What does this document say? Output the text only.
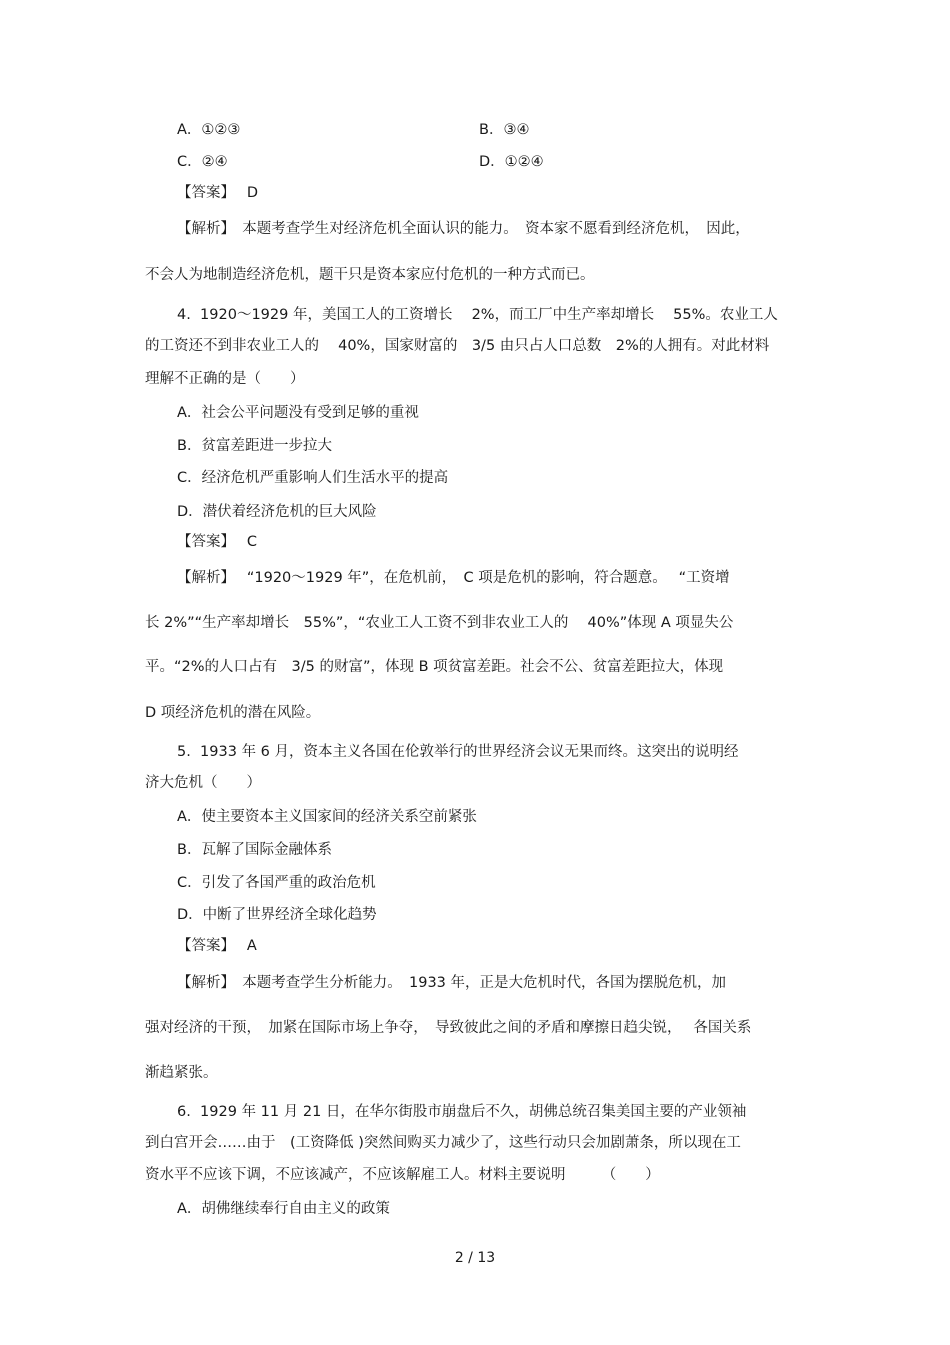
A．①②③	B．③④
C．②④	D．①②④
【答案】　 D
【解析】　本题考查学生对经济危机全面认识的能力。　资本家不愿看到经济危机，　因此，
不会人为地制造经济危机，题干只是资本家应付危机的一种方式而已。
4.  1920～1929 年，美国工人的工资增长　 2%，而工厂中生产率却增长　 55%。农业工人
的工资还不到非农业工人的　 40%，国家财富的　3/5 由只占人口总数　2%的人拥有。对此材料
理解不正确的是（　　）
A．社会公平问题没有受到足够的重视
B．贫富差距进一步拉大
C．经济危机严重影响人们生活水平的提高
D．潜伏着经济危机的巨大风险
【答案】　 C
【解析】　 “1920～1929 年”，在危机前，　C 项是危机的影响，符合题意。　 “工资增
长 2%”“生产率却增长　55%”，“农业工人工资不到非农业工人的　 40%”体现 A 项显失公
平。“2%的人口占有　3/5 的财富”，体现 B 项贫富差距。社会不公、贫富差距拉大，体现
D 项经济危机的潜在风险。
5.  1933 年 6 月，资本主义各国在伦敦举行的世界经济会议无果而终。这突出的说明经
济大危机（　　）
A．使主要资本主义国家间的经济关系空前紧张
B．瓦解了国际金融体系
C．引发了各国严重的政治危机
D．中断了世界经济全球化趋势
【答案】　 A
【解析】　本题考查学生分析能力。　1933 年，正是大危机时代，各国为摆脱危机，加
强对经济的干预，　加紧在国际市场上争夺，　导致彼此之间的矛盾和摩擦日趋尖锐，　 各国关系
渐趋紧张。
6.  1929 年 11 月 21 日，在华尔街股市崩盘后不久，胡佛总统召集美国主要的产业领袖
到白宫开会……由于　(工资降低 )突然间购买力减少了，这些行动只会加剧萧条，所以现在工
资水平不应该下调，不应该减产，不应该解雇工人。材料主要说明　　　（　　）
A．胡佛继续奉行自由主义的政策
2 / 13
